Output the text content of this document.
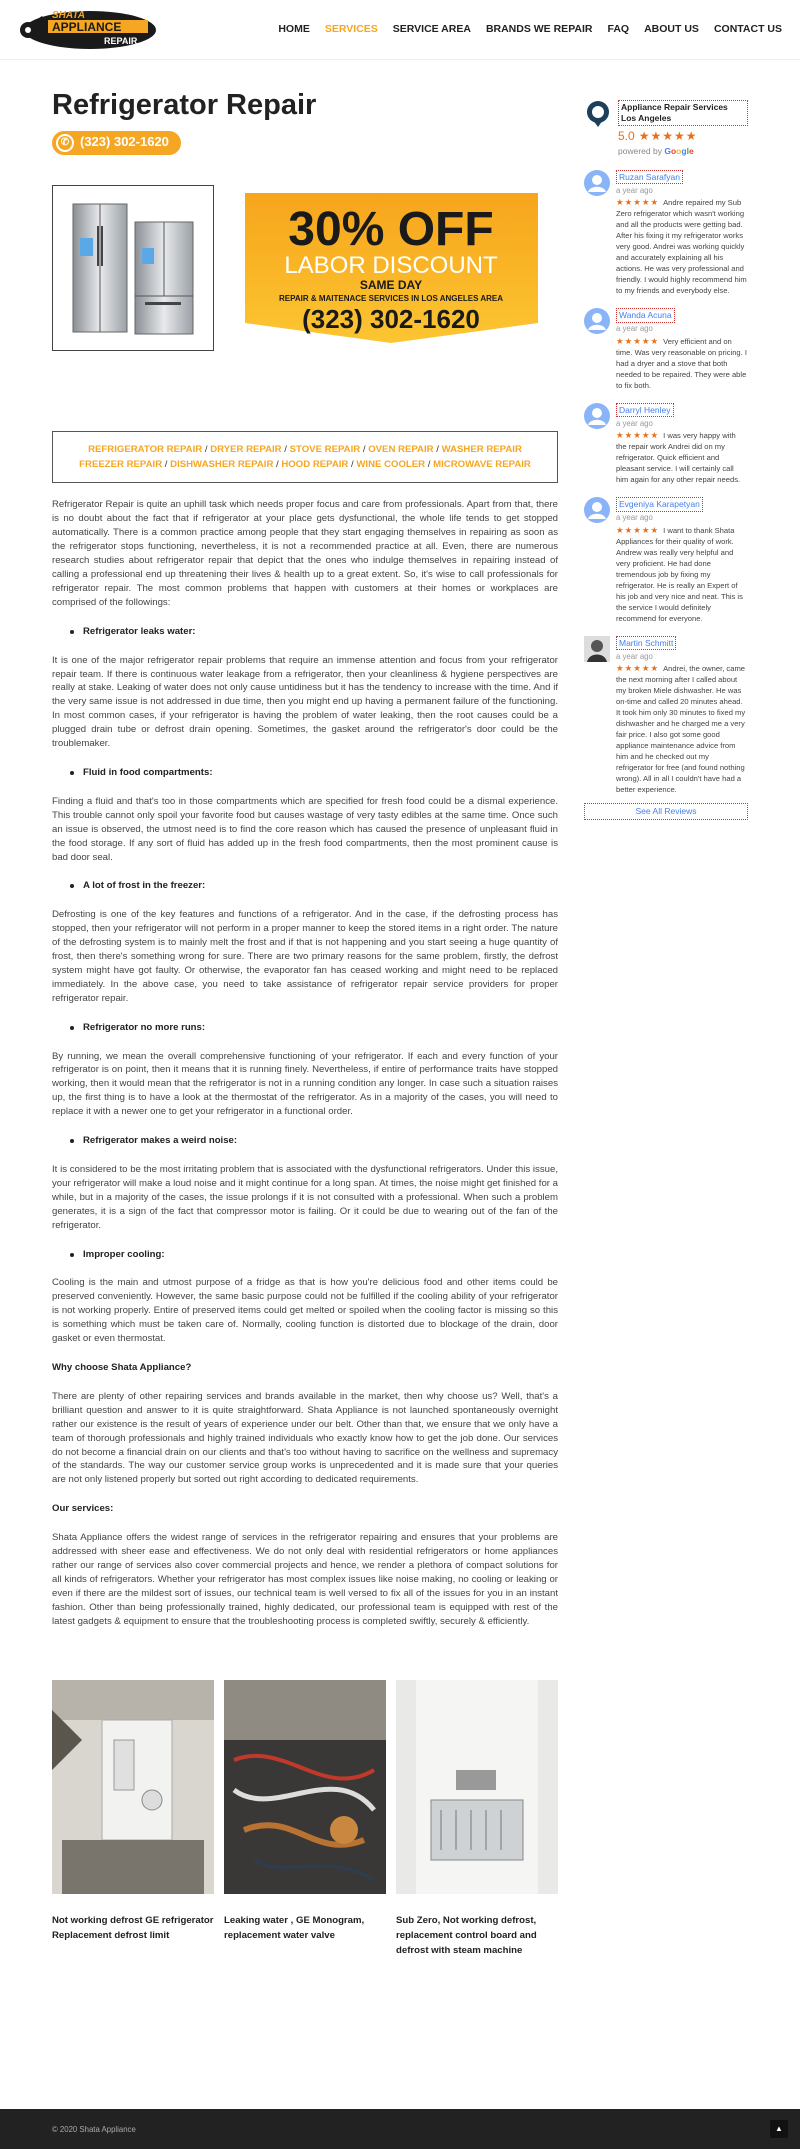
SHATA
APPLIANCE
REPAIR
HOME SERVICES SERVICE AREA BRANDS WE REPAIR FAQ ABOUT US CONTACT US
Refrigerator Repair
✆ (323) 302-1620
30% OFF
LABOR DISCOUNT
SAME DAY
REPAIR & MAITENACE SERVICES IN LOS ANGELES AREA
(323) 302-1620
REFRIGERATOR REPAIR / DRYER REPAIR / STOVE REPAIR / OVEN REPAIR / WASHER REPAIR
FREEZER REPAIR / DISHWASHER REPAIR / HOOD REPAIR / WINE COOLER / MICROWAVE REPAIR

Refrigerator Repair is quite an uphill task which needs proper focus and care from professionals. Apart from that, there is no doubt about the fact that if refrigerator at your place gets dysfunctional, the whole life tends to get stopped automatically. There is a common practice among people that they start engaging themselves in repairing as soon as the refrigerator stops functioning, nevertheless, it is not a recommended practice at all. Even, there are numerous research studies about refrigerator repair that depict that the ones who indulge themselves in repairing instead of calling a professional end up threatening their lives & health up to a great extent. So, it's wise to call professionals for refrigerator repair. The most common problems that happen with customers at their homes or workplaces are comprised of the followings:

Refrigerator leaks water:

It is one of the major refrigerator repair problems that require an immense attention and focus from your refrigerator repair team. If there is continuous water leakage from a refrigerator, then your cleanliness & hygiene perspectives are really at stake. Leaking of water does not only cause untidiness but it has the tendency to increase with the time. And if the very same issue is not addressed in due time, then you might end up having a permanent failure of the functioning. In most common cases, if your refrigerator is having the problem of water leaking, then the root causes could be a plugged drain tube or defrost drain opening. Sometimes, the gasket around the refrigerator's door could be the troublemaker.

Fluid in food compartments:

Finding a fluid and that's too in those compartments which are specified for fresh food could be a dismal experience. This trouble cannot only spoil your favorite food but causes wastage of very tasty edibles at the same time. Once such an issue is observed, the utmost need is to find the core reason which has caused the presence of unpleasant fluid in the food storage. If any sort of fluid has added up in the fresh food compartments, then the most prominent cause is bad door seal.

A lot of frost in the freezer:

Defrosting is one of the key features and functions of a refrigerator. And in the case, if the defrosting process has stopped, then your refrigerator will not perform in a proper manner to keep the stored items in a right order. The nature of the defrosting system is to mainly melt the frost and if that is not happening and you start seeing a huge quantity of frost, then there's something wrong for sure. There are two primary reasons for the same problem, firstly, the defrost system might have got faulty. Or otherwise, the evaporator fan has ceased working and might need to be replaced immediately. In the above case, you need to take assistance of refrigerator repair service providers for proper refrigerator repair.

Refrigerator no more runs:

By running, we mean the overall comprehensive functioning of your refrigerator. If each and every function of your refrigerator is on point, then it means that it is running finely. Nevertheless, if entire of performance traits have stopped working, then it would mean that the refrigerator is not in a running condition any longer. In case such a situation raises up, the first thing is to have a look at the thermostat of the refrigerator. As in a majority of the cases, you will need to replace it with a newer one to get your refrigerator in a functional order.

Refrigerator makes a weird noise:

It is considered to be the most irritating problem that is associated with the dysfunctional refrigerators. Under this issue, your refrigerator will make a loud noise and it might continue for a long span. At times, the noise might get finished for a while, but in a majority of the cases, the issue prolongs if it is not consulted with a professional. When such a problem generates, it is a sign of the fact that compressor motor is failing. Or it could be due to wearing out of the fan of the refrigerator.

Improper cooling:

Cooling is the main and utmost purpose of a fridge as that is how you're delicious food and other items could be preserved conveniently. However, the same basic purpose could not be fulfilled if the cooling ability of your refrigerator is not working properly. Entire of preserved items could get melted or spoiled when the cooling factor is missing so this is something which must be taken care of. Normally, cooling function is distorted due to blockage of the drain, door gasket or even thermostat.

Why choose Shata Appliance?

There are plenty of other repairing services and brands available in the market, then why choose us? Well, that's a brilliant question and answer to it is quite straightforward. Shata Appliance is not launched spontaneously overnight rather our existence is the result of years of experience under our belt. Other than that, we ensure that we only have a team of thorough professionals and highly trained individuals who exactly know how to get the job done. Our services do not become a financial drain on our clients and that's too without having to sacrifice on the wellness and supremacy of the standards. The way our customer service group works is unprecedented and it is made sure that your queries are not only listened properly but sorted out right according to dedicated requirements.

Our services:

Shata Appliance offers the widest range of services in the refrigerator repairing and ensures that your problems are addressed with sheer ease and effectiveness. We do not only deal with residential refrigerators or home appliances rather our range of services also cover commercial projects and hence, we render a plethora of compact solutions for all kinds of refrigerators. Whether your refrigerator has most complex issues like noise making, no cooling or leaking or even if there are the mildest sort of issues, our technical team is well versed to fix all of the issues for you in an instant fashion. Other than being professionally trained, highly dedicated, our professional team is equipped with rest of the latest gadgets & equipment to ensure that the troubleshooting process is completed swiftly, securely & efficiently.

Not working defrost GE refrigerator Replacement defrost limit

Leaking water , GE Monogram, replacement water valve

Sub Zero, Not working defrost, replacement control board and defrost with steam machine

Appliance Repair Services Los Angeles
5.0 ★★★★★
powered by Google
Ruzan Sarafyan
a year ago
★★★★★ Andre repaired my Sub Zero refrigerator which wasn't working and all the products were getting bad. After his fixing it my refrigerator works very good. Andrei was working quickly and accurately explaining all his actions. He was very professional and friendly. I would highly recommend him to my friends and everybody else.
Wanda Acuna
a year ago
★★★★★ Very efficient and on time. Was very reasonable on pricing. I had a dryer and a stove that both needed to be repaired. They were able to fix both.
Darryl Henley
a year ago
★★★★★ I was very happy with the repair work Andrei did on my refrigerator. Quick efficient and pleasant service. I will certainly call him again for any other repair needs.
Evgeniya Karapetyan
a year ago
★★★★★ I want to thank Shata Appliances for their quality of work. Andrew was really very helpful and very proficient. He had done tremendous job by fixing my refrigerator. He is really an Expert of his job and very nice and neat. This is the service I would definitely recommend for everyone.
Martin Schmitt
a year ago
★★★★★ Andrei, the owner, came the next morning after I called about my broken Miele dishwasher. He was on-time and called 20 minutes ahead. It took him only 30 minutes to fixed my dishwasher and he charged me a very fair price. I also got some good appliance maintenance advice from him and he checked out my refrigerator for free (and found nothing wrong). All in all I couldn't have had a better experience.
See All Reviews
© 2020 Shata Appliance	▲
